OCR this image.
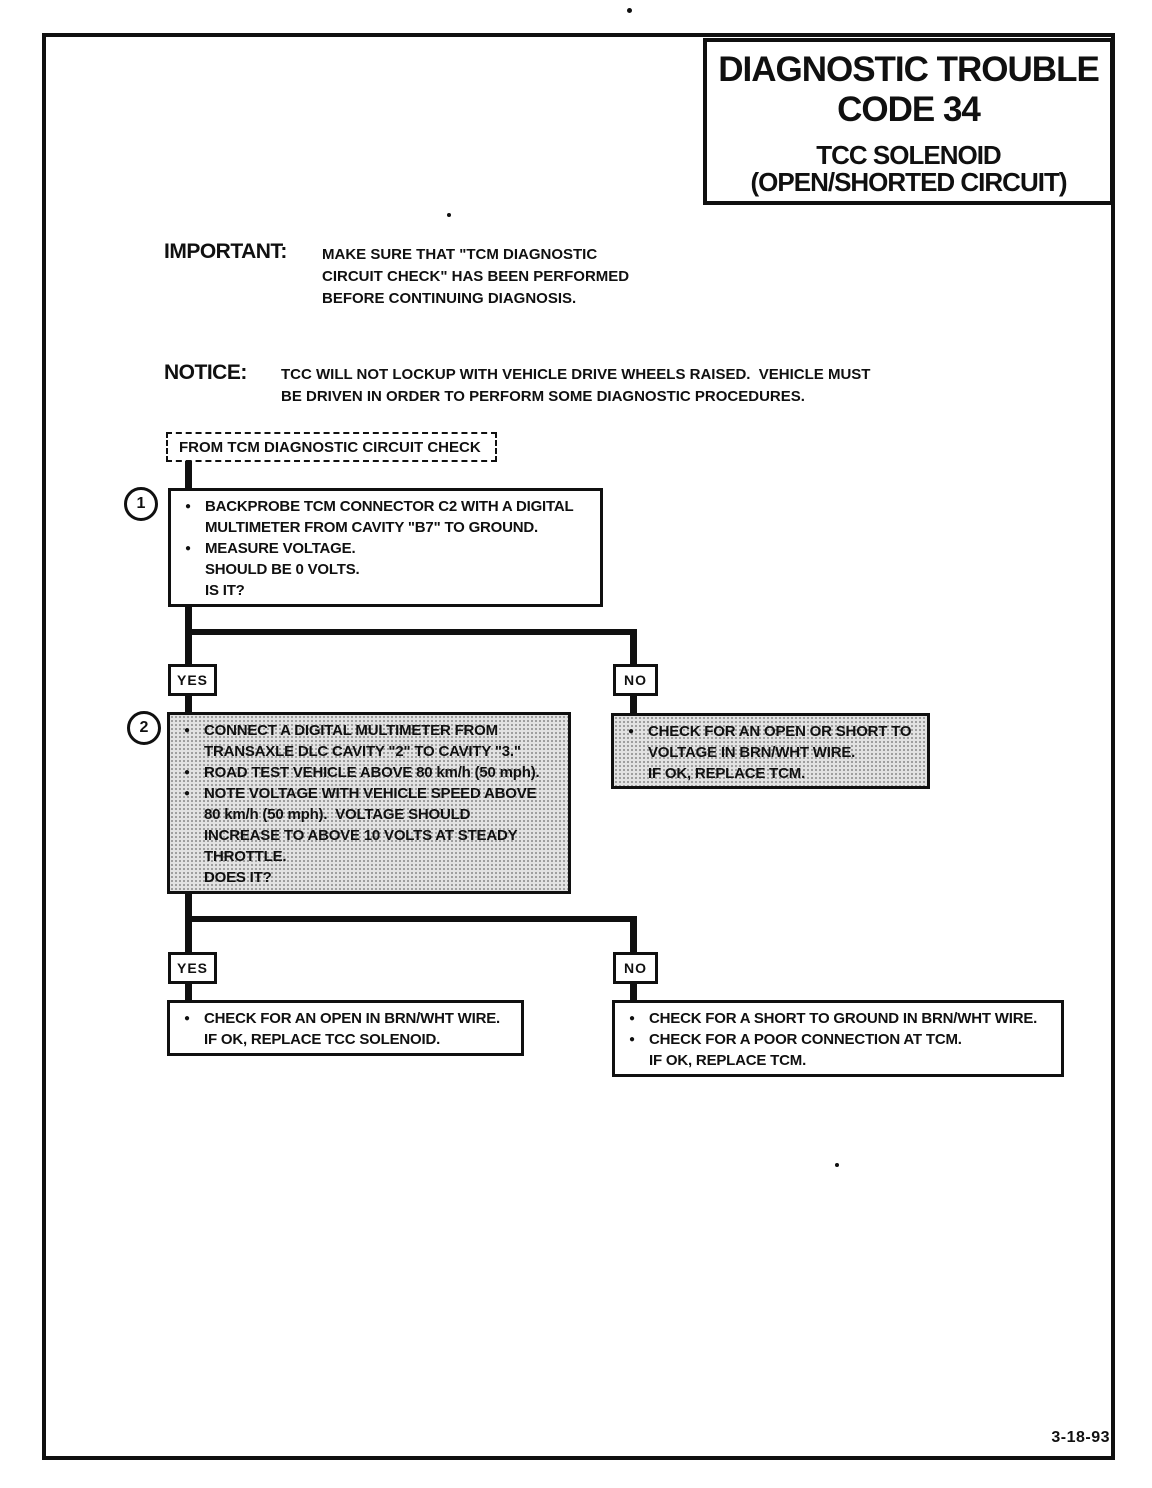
DIAGNOSTIC TROUBLE
CODE 34
TCC SOLENOID
(OPEN/SHORTED CIRCUIT)
IMPORTANT: MAKE SURE THAT "TCM DIAGNOSTIC
CIRCUIT CHECK" HAS BEEN PERFORMED
BEFORE CONTINUING DIAGNOSIS.
NOTICE: TCC WILL NOT LOCKUP WITH VEHICLE DRIVE WHEELS RAISED.  VEHICLE MUST
BE DRIVEN IN ORDER TO PERFORM SOME DIAGNOSTIC PROCEDURES.
FROM TCM DIAGNOSTIC CIRCUIT CHECK
1	● BACKPROBE TCM CONNECTOR C2 WITH A DIGITAL
MULTIMETER FROM CAVITY "B7" TO GROUND.
● MEASURE VOLTAGE.
SHOULD BE 0 VOLTS.
IS IT?
YES	NO
2	● CONNECT A DIGITAL MULTIMETER FROM
TRANSAXLE DLC CAVITY "2" TO CAVITY "3."
● ROAD TEST VEHICLE ABOVE 80 km/h (50 mph).
● NOTE VOLTAGE WITH VEHICLE SPEED ABOVE
80 km/h (50 mph).  VOLTAGE SHOULD
INCREASE TO ABOVE 10 VOLTS AT STEADY
THROTTLE.
DOES IT?
● CHECK FOR AN OPEN OR SHORT TO
VOLTAGE IN BRN/WHT WIRE.
IF OK, REPLACE TCM.
YES	NO
● CHECK FOR AN OPEN IN BRN/WHT WIRE.
IF OK, REPLACE TCC SOLENOID.
● CHECK FOR A SHORT TO GROUND IN BRN/WHT WIRE.
● CHECK FOR A POOR CONNECTION AT TCM.
IF OK, REPLACE TCM.
3-18-93
